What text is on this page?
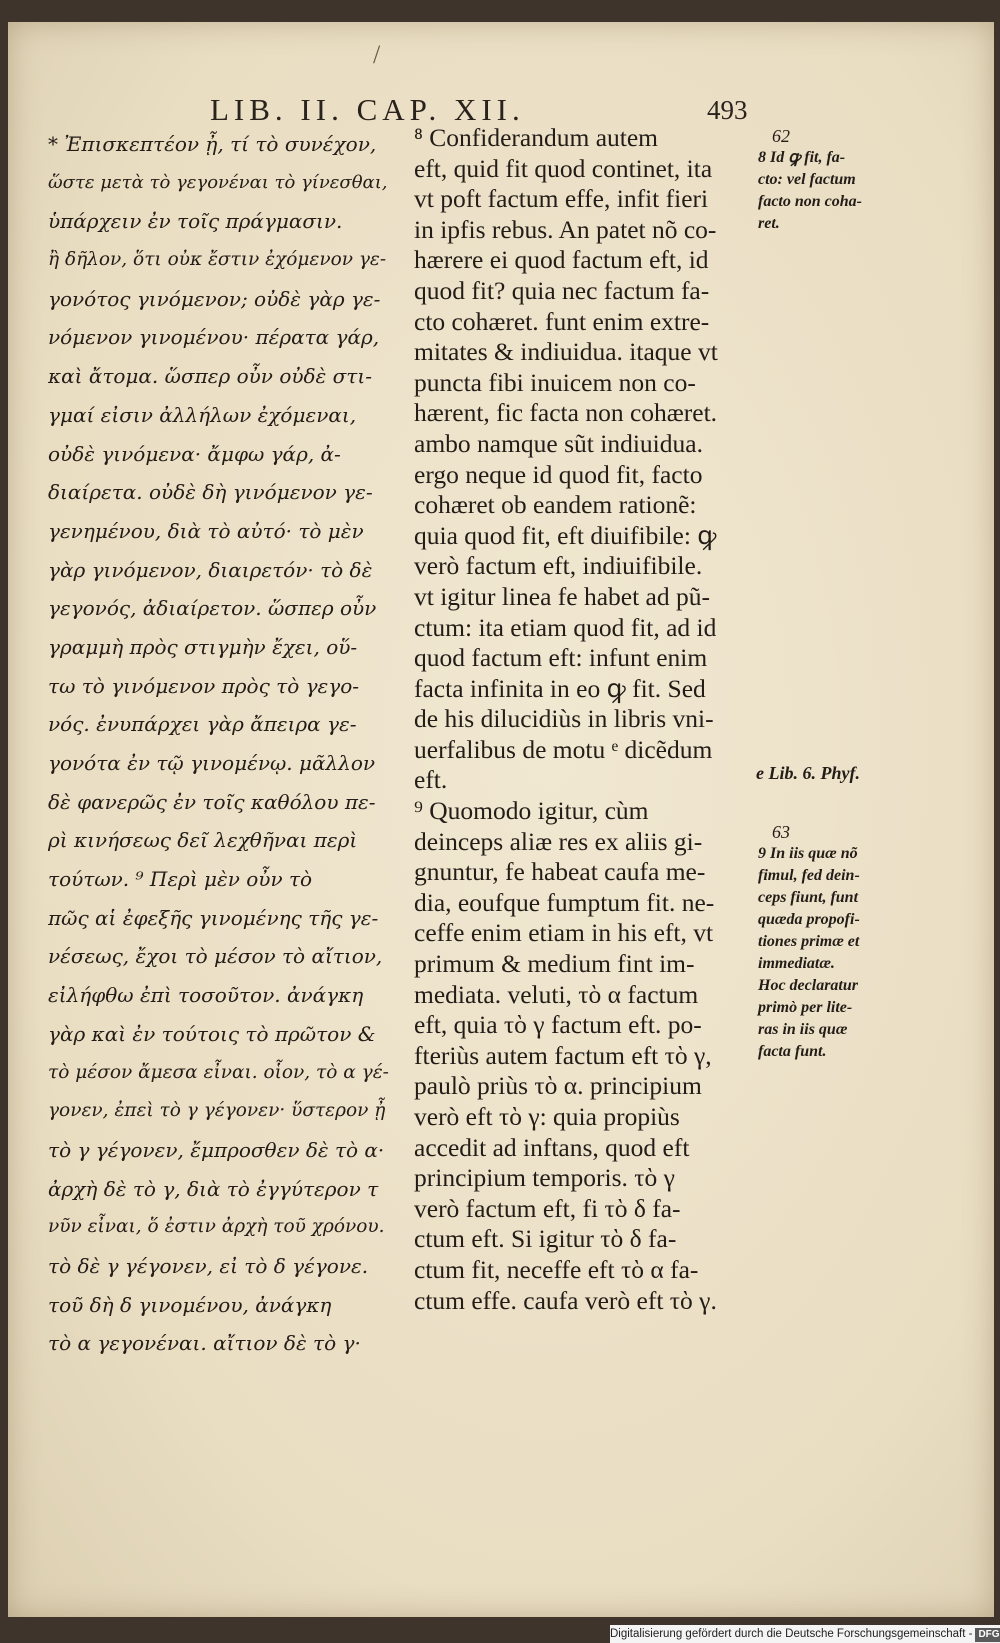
/
LIB. II. CAP. XII.	493
* Ἐπισκεπτέον ᾖ, τί τὸ συνέχον,
ὥστε μετὰ τὸ γεγονέναι τὸ γίνεσθαι,
ὑπάρχειν ἐν τοῖς πράγμασιν.
ἢ δῆλον, ὅτι οὐκ ἔστιν ἐχόμενον γε-
γονότος γινόμενον; οὐδὲ γὰρ γε-
νόμενον γινομένου· πέρατα γάρ,
καὶ ἄτομα. ὥσπερ οὖν οὐδὲ στι-
γμαί εἰσιν ἀλλήλων ἐχόμεναι,
οὐδὲ γινόμενα· ἄμφω γάρ, ἀ-
διαίρετα. οὐδὲ δὴ γινόμενον γε-
γενημένου, διὰ τὸ αὐτό· τὸ μὲν
γὰρ γινόμενον, διαιρετόν· τὸ δὲ
γεγονός, ἀδιαίρετον. ὥσπερ οὖν
γραμμὴ πρὸς στιγμὴν ἔχει, οὕ-
τω τὸ γινόμενον πρὸς τὸ γεγο-
νός. ἐνυπάρχει γὰρ ἄπειρα γε-
γονότα ἐν τῷ γινομένῳ. μᾶλλον
δὲ φανερῶς ἐν τοῖς καθόλου πε-
ρὶ κινήσεως δεῖ λεχθῆναι περὶ
τούτων. ⁹ Περὶ μὲν οὖν τὸ
πῶς αἱ ἐφεξῆς γινομένης τῆς γε-
νέσεως, ἔχοι τὸ μέσον τὸ αἴτιον,
εἰλήφθω ἐπὶ τοσοῦτον. ἀνάγκη
γὰρ καὶ ἐν τούτοις τὸ πρῶτον &
τὸ μέσον ἄμεσα εἶναι. οἷον, τὸ α γέ-
γονεν, ἐπεὶ τὸ γ γέγονεν· ὕστερον ᾖ
τὸ γ γέγονεν, ἔμπροσθεν δὲ τὸ α·
ἀρχὴ δὲ τὸ γ, διὰ τὸ ἐγγύτερον τ
νῦν εἶναι, ὅ ἐστιν ἀρχὴ τοῦ χρόνου.
τὸ δὲ γ γέγονεν, εἰ τὸ δ γέγονε.
τοῦ δὴ δ γινομένου, ἀνάγκη
τὸ α γεγονέναι. αἴτιον δὲ τὸ γ·
⁸ Confiderandum autem
eft, quid fit quod continet, ita
vt poft factum effe, infit fieri
in ipfis rebus. An patet nõ co-
hærere ei quod factum eft, id
quod fit? quia nec factum fa-
cto cohæret. funt enim extre-
mitates & indiuidua. itaque vt
puncta fibi inuicem non co-
hærent, fic facta non cohæret.
ambo namque sũt indiuidua.
ergo neque id quod fit, facto
cohæret ob eandem rationẽ:
quia quod fit, eft diuifibile: ꝙ
verò factum eft, indiuifibile.
vt igitur linea fe habet ad pũ-
ctum: ita etiam quod fit, ad id
quod factum eft: infunt enim
facta infinita in eo ꝙ fit. Sed
de his dilucidiùs in libris vni-
uerfalibus de motu ᵉ dicẽdum
eft.
⁹ Quomodo igitur, cùm
deinceps aliæ res ex aliis gi-
gnuntur, fe habeat caufa me-
dia, eoufque fumptum fit. ne-
ceffe enim etiam in his eft, vt
primum & medium fint im-
mediata. veluti, τὸ α factum
eft, quia τὸ γ factum eft. po-
fteriùs autem factum eft τὸ γ,
paulò priùs τὸ α. principium
verò eft τὸ γ: quia propiùs
accedit ad inftans, quod eft
principium temporis. τὸ γ
verò factum eft, fi τὸ δ fa-
ctum eft. Si igitur τὸ δ fa-
ctum fit, neceffe eft τὸ α fa-
ctum effe. caufa verò eft τὸ γ.
62
8 Id ꝙ fit, fa-
cto: vel factum
facto non coha-
ret.
e Lib. 6. Phyf.
63
9 In iis quæ nõ
fimul, fed dein-
ceps fiunt, funt
quæda propofi-
tiones primæ et
immediatæ.
Hoc declaratur
primò per lite-
ras in iis quæ
facta funt.
Digitalisierung gefördert durch die Deutsche Forschungsgemeinschaft - DFG
